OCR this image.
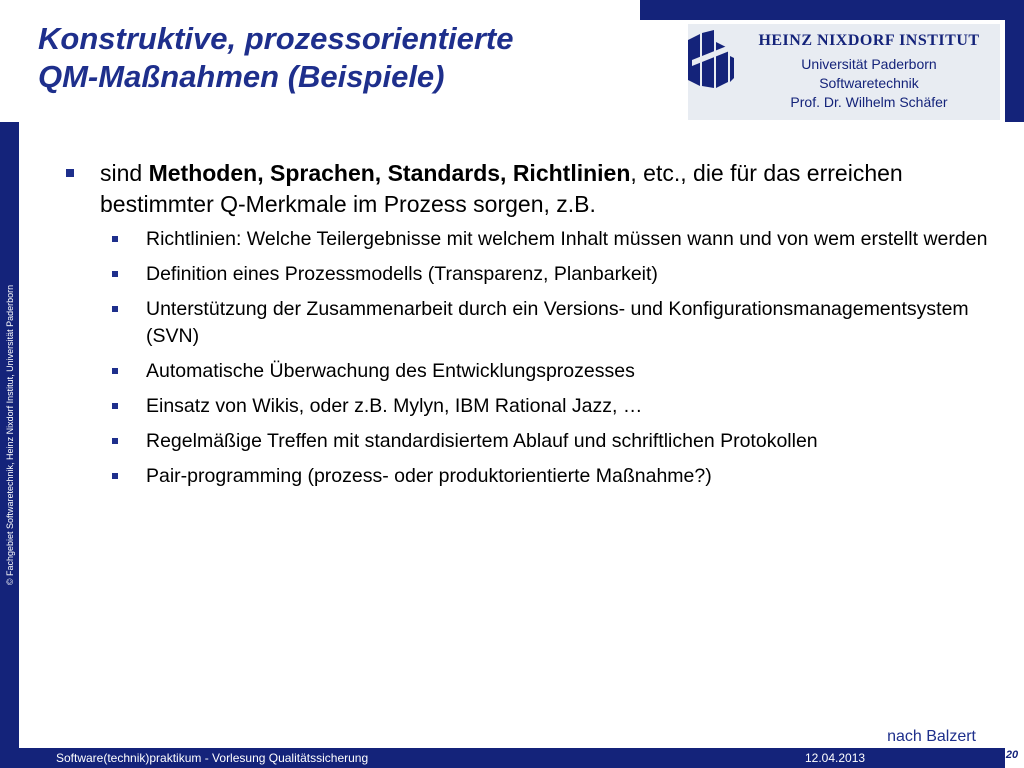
Konstruktive, prozessorientierte
QM-Maßnahmen (Beispiele)
HEINZ NIXDORF INSTITUT
Universität Paderborn
Softwaretechnik
Prof. Dr. Wilhelm Schäfer
© Fachgebiet Softwaretechnik, Heinz Nixdorf Institut, Universität Paderborn
sind Methoden, Sprachen, Standards, Richtlinien, etc., die für das erreichen bestimmter Q-Merkmale im Prozess sorgen, z.B.
Richtlinien: Welche Teilergebnisse mit welchem Inhalt müssen wann und von wem erstellt werden
Definition eines Prozessmodells (Transparenz, Planbarkeit)
Unterstützung der Zusammenarbeit durch ein Versions- und Konfigurationsmanagementsystem (SVN)
Automatische Überwachung des Entwicklungsprozesses
Einsatz von Wikis, oder z.B. Mylyn, IBM Rational Jazz, …
Regelmäßige Treffen mit standardisiertem Ablauf und schriftlichen Protokollen
Pair-programming (prozess- oder produktorientierte Maßnahme?)
nach Balzert
Software(technik)praktikum - Vorlesung Qualitätssicherung	12.04.2013	20
